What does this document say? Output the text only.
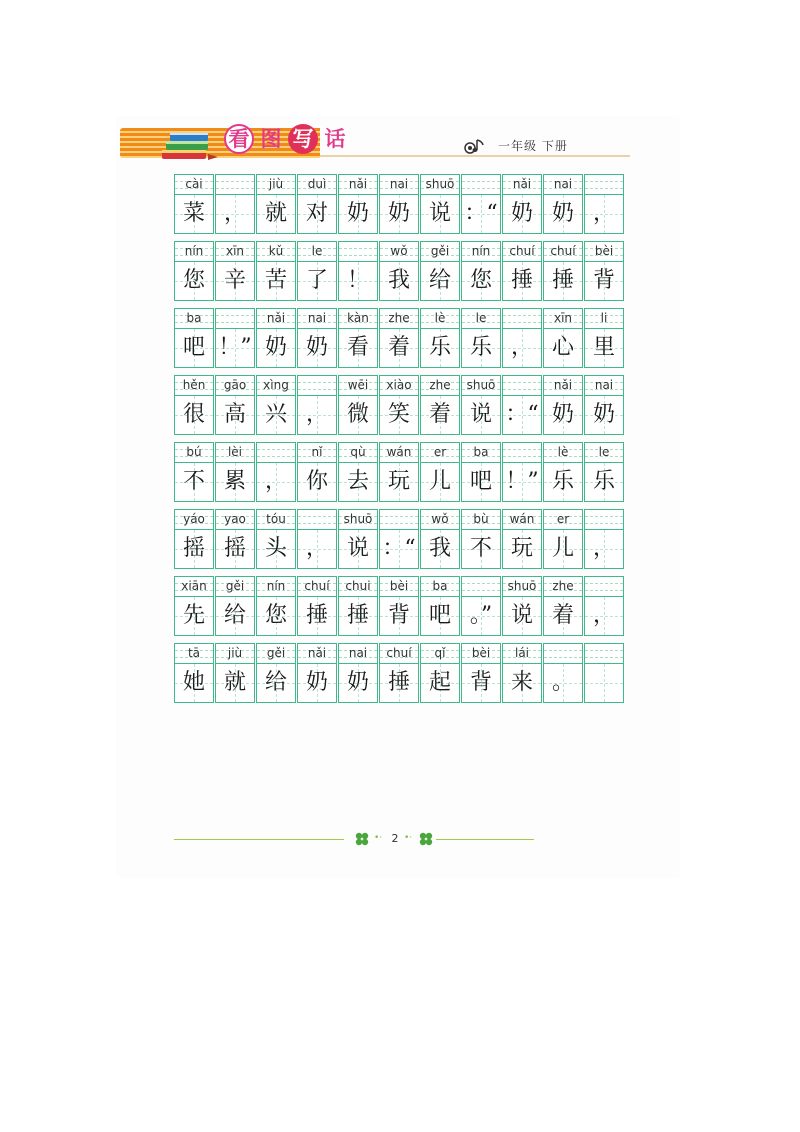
看 图 写 话	一年级 下册
cài
菜 ，
jiù
就
duì
对
nǎi
奶
nai
奶
shuō
说 ：“
nǎi
奶
nai
奶 ，
nín
您
xīn
辛
kǔ
苦
le
了 ！
wǒ
我
gěi
给
nín
您
chuí
捶
chuí
捶
bèi
背
ba
吧 ！”
nǎi
奶
nai
奶
kàn
看
zhe
着
lè
乐
le
乐 ，
xīn
心
li
里
hěn
很
gāo
高
xìng
兴 ，
wēi
微
xiào
笑
zhe
着
shuō
说 ：“
nǎi
奶
nai
奶
bú
不
lèi
累 ，
nǐ
你
qù
去
wán
玩
er
儿
ba
吧 ！”
lè
乐
le
乐
yáo
摇
yao
摇
tóu
头 ，
shuō
说 ：“
wǒ
我
bù
不
wán
玩
er
儿 ，
xiān
先
gěi
给
nín
您
chuí
捶
chui
捶
bèi
背
ba
吧 。”
shuō
说
zhe
着 ，
tā
她
jiù
就
gěi
给
nǎi
奶
nai
奶
chuí
捶
qǐ
起
bèi
背
lái
来 。
•· 2 •·
